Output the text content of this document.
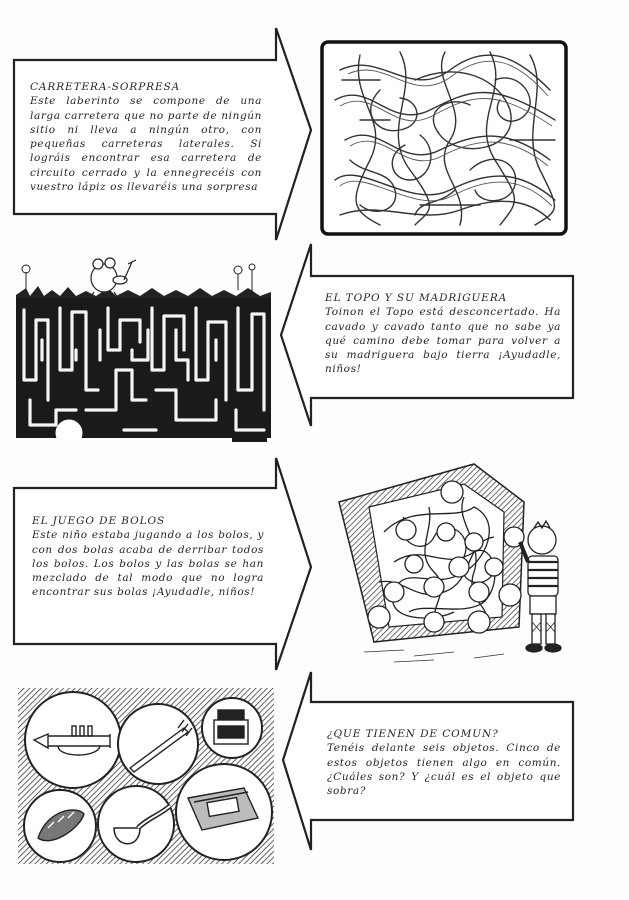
CARRETERA-SORPRESA
Este laberinto se compone de una larga carretera que no parte de ningún sitio ni lleva a ningún otro, con pequeñas carreteras laterales. Si lográis encontrar esa carretera de circuito cerrado y la ennegrecéis con vuestro lápiz os llevaréis una sorpresa
EL TOPO Y SU MADRIGUERA
Toinon el Topo está desconcertado. Ha cavado y cavado tanto que no sabe ya qué camino debe tomar para volver a su madriguera bajo tierra ¡Ayudadle, niños!
EL JUEGO DE BOLOS
Este niño estaba jugando a los bolos, y con dos bolas acaba de derribar todos los bolos. Los bolos y las bolas se han mezclado de tal modo que no logra encontrar sus bolas ¡Ayudadle, niños!
¿QUE TIENEN DE COMUN?
Tenéis delante seis objetos. Cinco de estos objetos tienen algo en común. ¿Cuáles son? Y ¿cuál es el objeto que sobra?
